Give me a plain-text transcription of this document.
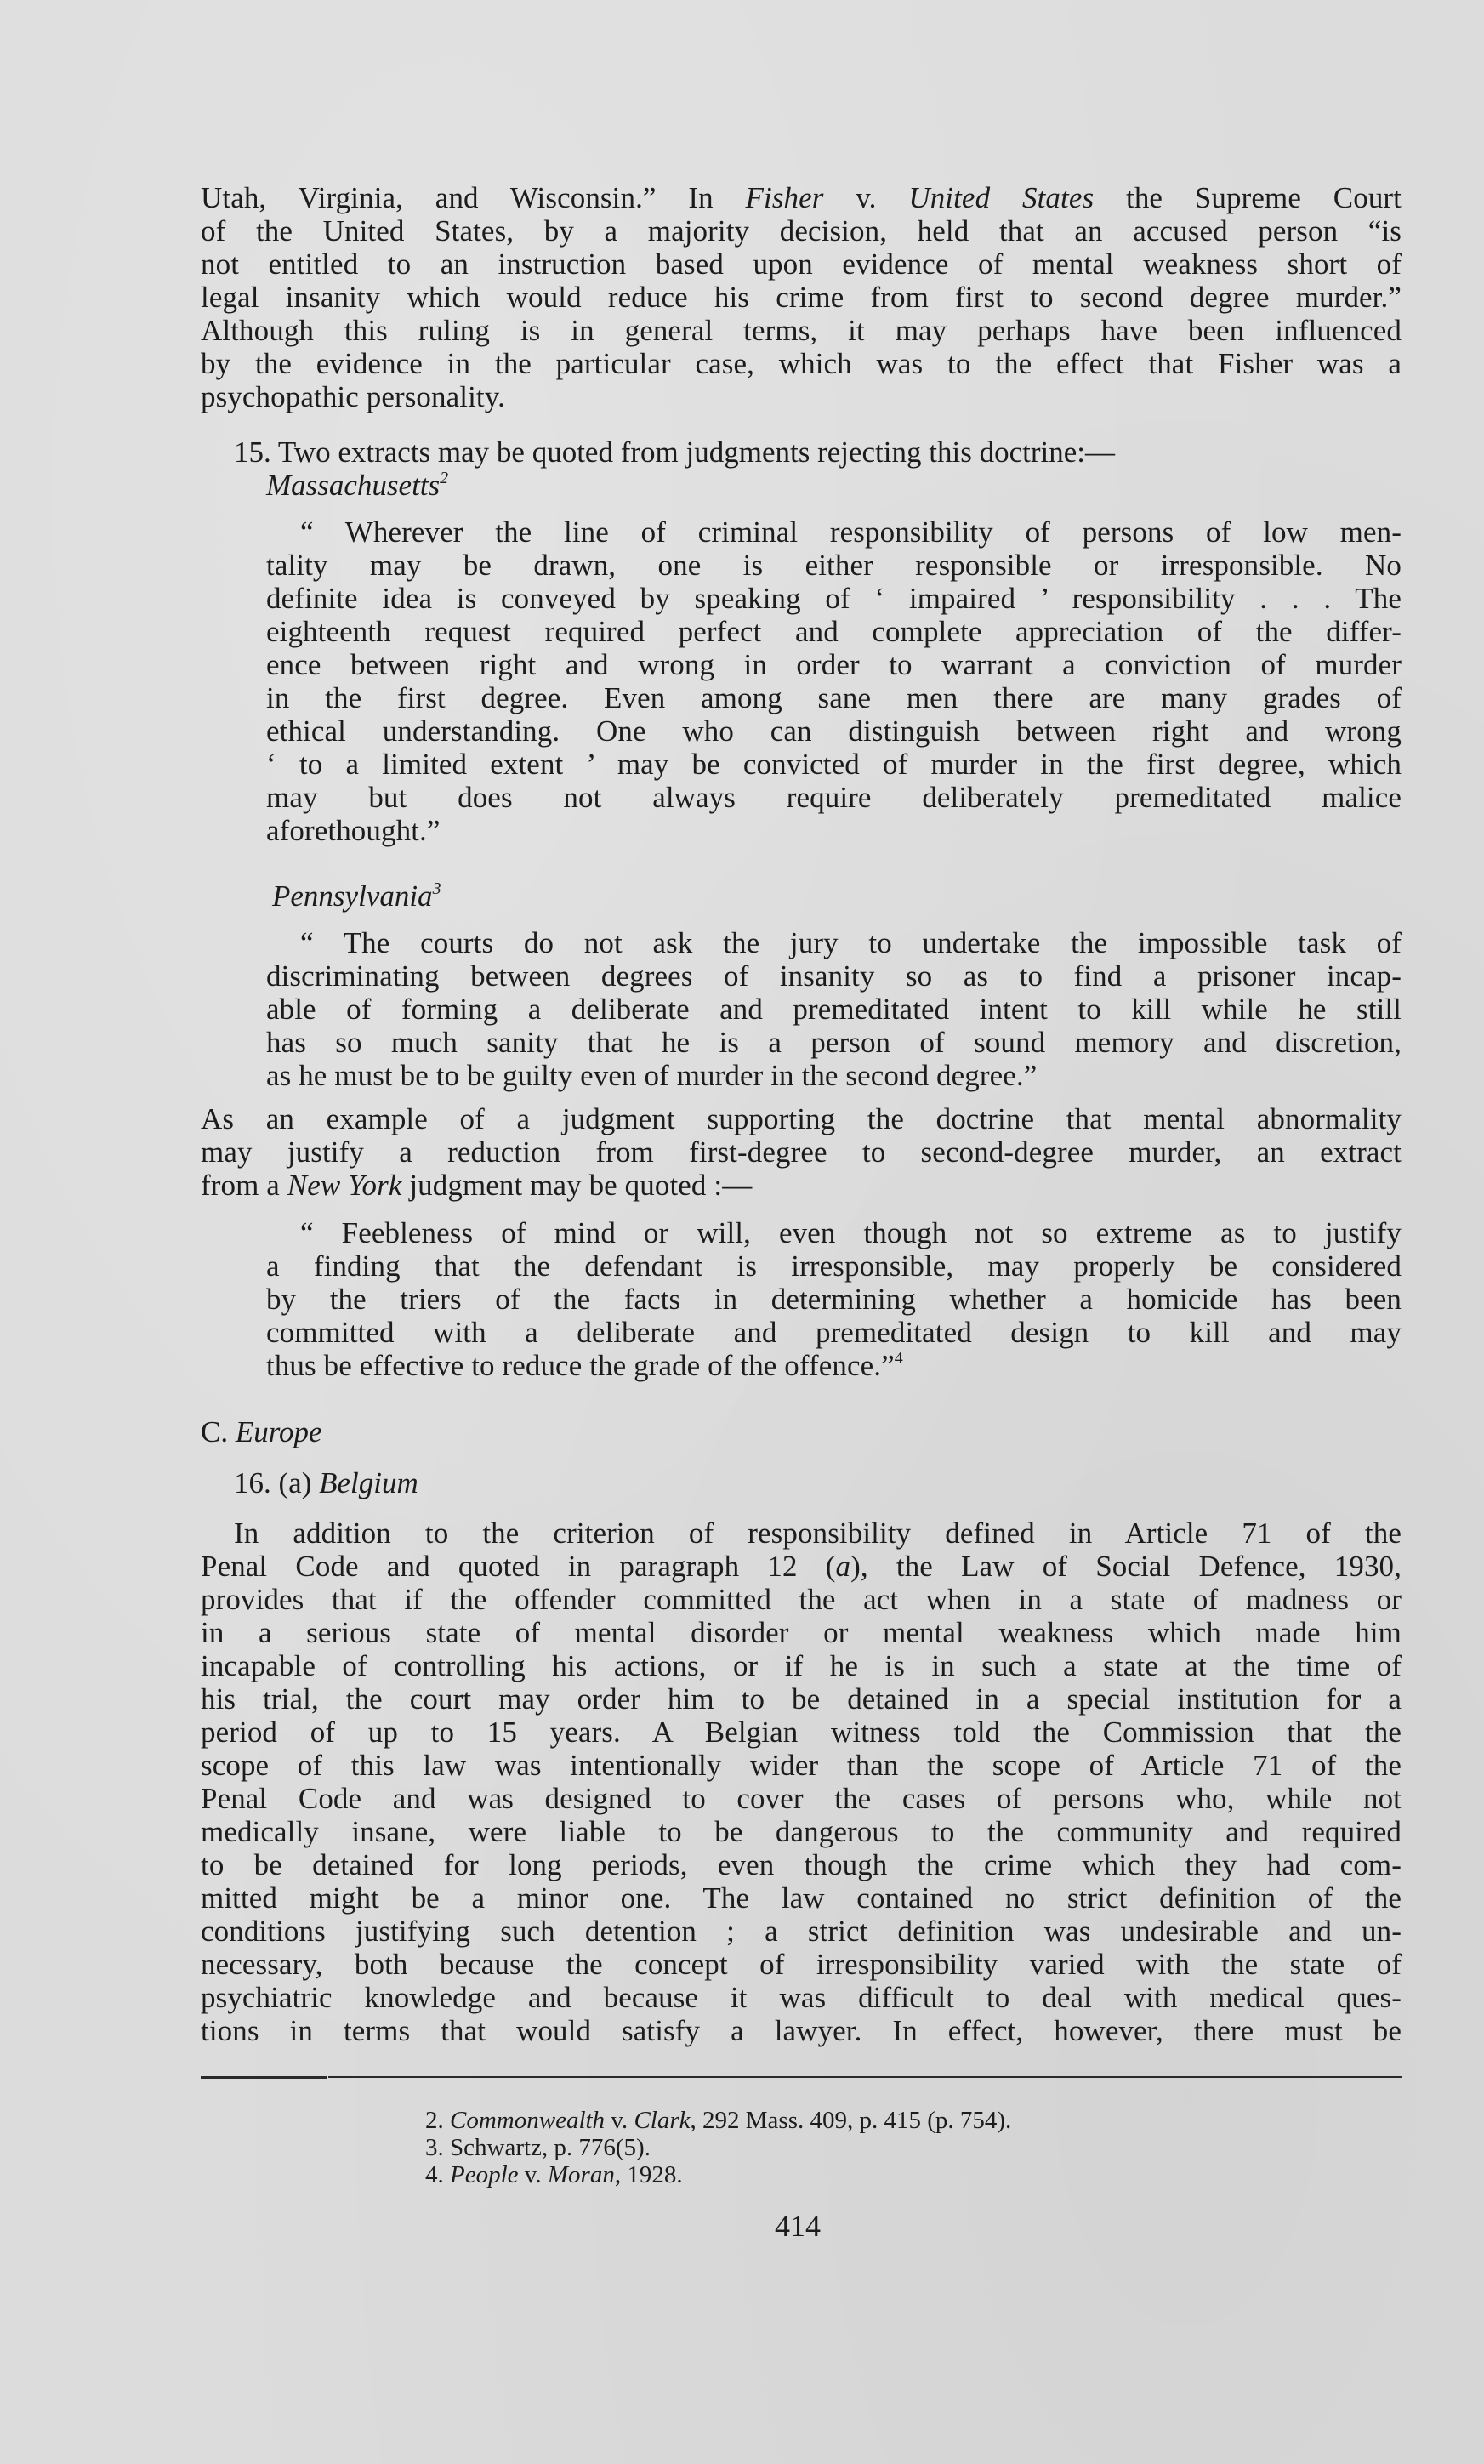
Utah, Virginia, and Wisconsin.” In Fisher v. United States the Supreme Court
of the United States, by a majority decision, held that an accused person “is
not entitled to an instruction based upon evidence of mental weakness short of
legal insanity which would reduce his crime from first to second degree murder.”
Although this ruling is in general terms, it may perhaps have been influenced
by the evidence in the particular case, which was to the effect that Fisher was a
psychopathic personality.
15. Two extracts may be quoted from judgments rejecting this doctrine:—
Massachusetts$^2$
“ Wherever the line of criminal responsibility of persons of low men-
tality may be drawn, one is either responsible or irresponsible. No
definite idea is conveyed by speaking of ‘ impaired ’ responsibility . . . The
eighteenth request required perfect and complete appreciation of the differ-
ence between right and wrong in order to warrant a conviction of murder
in the first degree. Even among sane men there are many grades of
ethical understanding. One who can distinguish between right and wrong
‘ to a limited extent ’ may be convicted of murder in the first degree, which
may but does not always require deliberately premeditated malice
aforethought.”
Pennsylvania$^3$
“ The courts do not ask the jury to undertake the impossible task of
discriminating between degrees of insanity so as to find a prisoner incap-
able of forming a deliberate and premeditated intent to kill while he still
has so much sanity that he is a person of sound memory and discretion,
as he must be to be guilty even of murder in the second degree.”
As an example of a judgment supporting the doctrine that mental abnormality
may justify a reduction from first-degree to second-degree murder, an extract
from a New York judgment may be quoted :—
“ Feebleness of mind or will, even though not so extreme as to justify
a finding that the defendant is irresponsible, may properly be considered
by the triers of the facts in determining whether a homicide has been
committed with a deliberate and premeditated design to kill and may
thus be effective to reduce the grade of the offence.”$^4$
C. Europe
16. (a) Belgium
In addition to the criterion of responsibility defined in Article 71 of the
Penal Code and quoted in paragraph 12 (a), the Law of Social Defence, 1930,
provides that if the offender committed the act when in a state of madness or
in a serious state of mental disorder or mental weakness which made him
incapable of controlling his actions, or if he is in such a state at the time of
his trial, the court may order him to be detained in a special institution for a
period of up to 15 years. A Belgian witness told the Commission that the
scope of this law was intentionally wider than the scope of Article 71 of the
Penal Code and was designed to cover the cases of persons who, while not
medically insane, were liable to be dangerous to the community and required
to be detained for long periods, even though the crime which they had com-
mitted might be a minor one. The law contained no strict definition of the
conditions justifying such detention ; a strict definition was undesirable and un-
necessary, both because the concept of irresponsibility varied with the state of
psychiatric knowledge and because it was difficult to deal with medical ques-
tions in terms that would satisfy a lawyer. In effect, however, there must be
2. Commonwealth v. Clark, 292 Mass. 409, p. 415 (p. 754).
3. Schwartz, p. 776(5).
4. People v. Moran, 1928.
414
